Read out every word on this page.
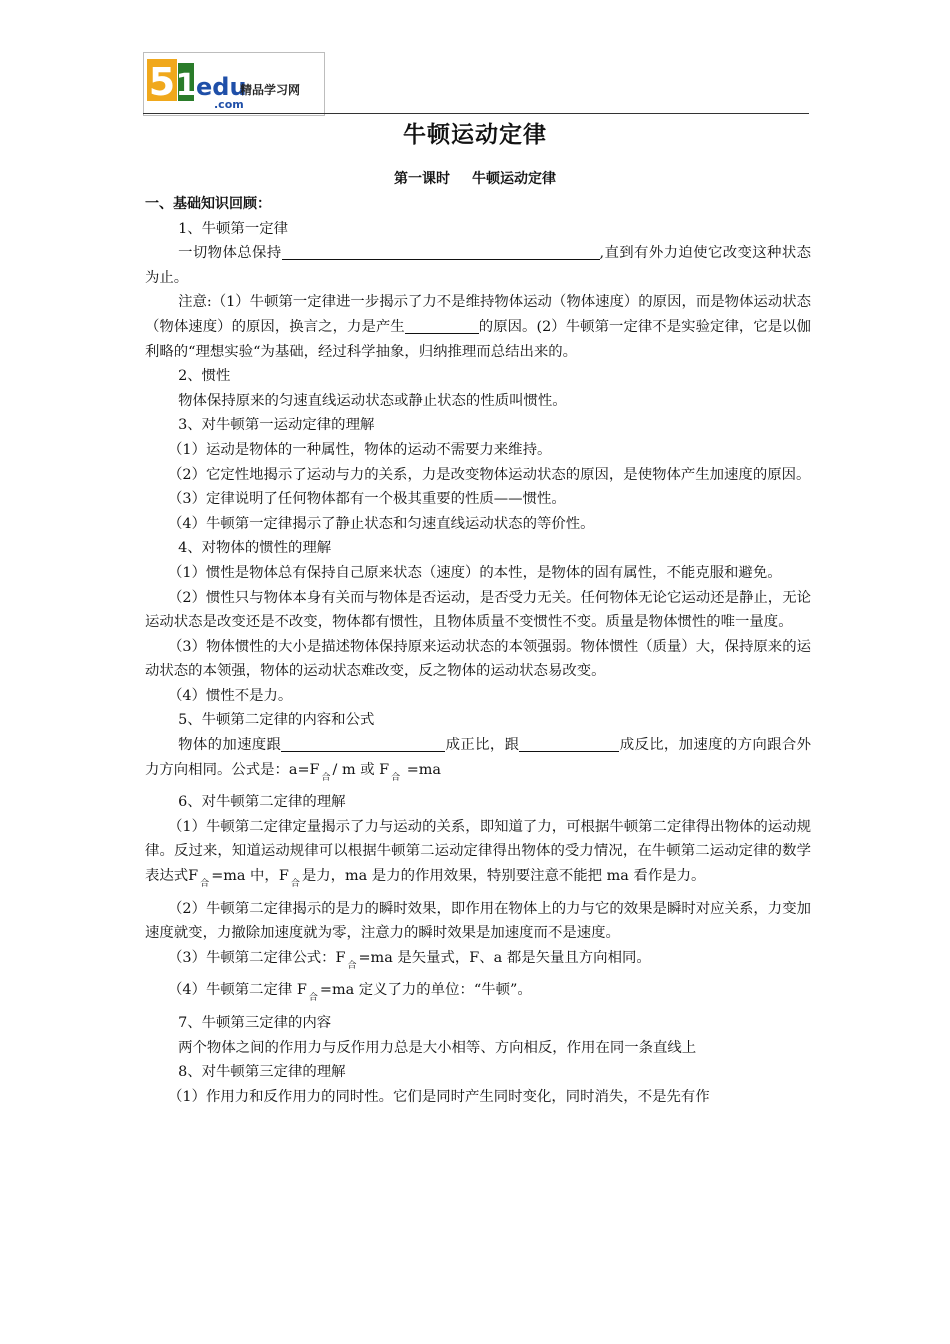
5 1 edu
精品学习网
.com
牛顿运动定律
第一课时 牛顿运动定律

一、基础知识回顾：

1、牛顿第一定律

一切物体总保持	,直到有外力迫使它改变这种状态为止。

注意:（1）牛顿第一定律进一步揭示了力不是维持物体运动（物体速度）的原因，而是物体运动状态（物体速度）的原因，换言之，力是产生	的原因。(2）牛顿第一定律不是实验定律，它是以伽利略的“理想实验“为基础，经过科学抽象，归纳推理而总结出来的。

2、惯性

物体保持原来的匀速直线运动状态或静止状态的性质叫惯性。

3、对牛顿第一运动定律的理解

（1）运动是物体的一种属性，物体的运动不需要力来维持。

（2）它定性地揭示了运动与力的关系，力是改变物体运动状态的原因，是使物体产生加速度的原因。

（3）定律说明了任何物体都有一个极其重要的性质——惯性。

（4）牛顿第一定律揭示了静止状态和匀速直线运动状态的等价性。

4、对物体的惯性的理解

（1）惯性是物体总有保持自己原来状态（速度）的本性，是物体的固有属性，不能克服和避免。

（2）惯性只与物体本身有关而与物体是否运动，是否受力无关。任何物体无论它运动还是静止，无论运动状态是改变还是不改变，物体都有惯性，且物体质量不变惯性不变。质量是物体惯性的唯一量度。

（3）物体惯性的大小是描述物体保持原来运动状态的本领强弱。物体惯性（质量）大，保持原来的运动状态的本领强，物体的运动状态难改变，反之物体的运动状态易改变。

（4）惯性不是力。

5、牛顿第二定律的内容和公式

物体的加速度跟	成正比，跟	成反比，加速度的方向跟合外力方向相同。公式是：a=F $_合$ / m 或 F $_合$ =ma

6、对牛顿第二定律的理解

（1）牛顿第二定律定量揭示了力与运动的关系，即知道了力，可根据牛顿第二定律得出物体的运动规律。反过来，知道运动规律可以根据牛顿第二运动定律得出物体的受力情况，在牛顿第二运动定律的数学表达式F $_合$ =ma 中，F $_合$ 是力，ma 是力的作用效果，特别要注意不能把 ma 看作是力。

（2）牛顿第二定律揭示的是力的瞬时效果，即作用在物体上的力与它的效果是瞬时对应关系，力变加速度就变，力撤除加速度就为零，注意力的瞬时效果是加速度而不是速度。

（3）牛顿第二定律公式：F $_合$ =ma 是矢量式，F、a 都是矢量且方向相同。

（4）牛顿第二定律 F $_合$ =ma 定义了力的单位：“牛顿”。

7、牛顿第三定律的内容

两个物体之间的作用力与反作用力总是大小相等、方向相反，作用在同一条直线上

8、对牛顿第三定律的理解

（1）作用力和反作用力的同时性。它们是同时产生同时变化，同时消失，不是先有作
